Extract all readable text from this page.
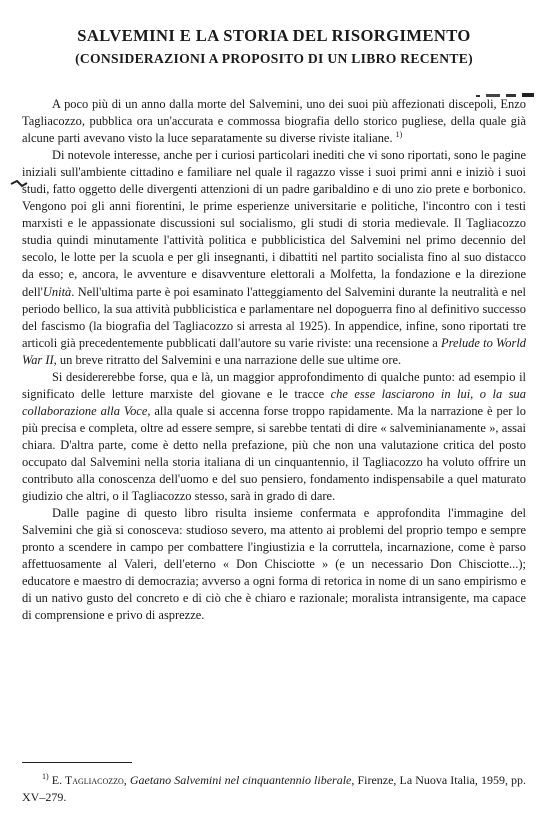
SALVEMINI E LA STORIA DEL RISORGIMENTO
(CONSIDERAZIONI A PROPOSITO DI UN LIBRO RECENTE)

A poco più di un anno dalla morte del Salvemini, uno dei suoi più affezionati discepoli, Enzo Tagliacozzo, pubblica ora un'accurata e commossa biografia dello storico pugliese, della quale già alcune parti avevano visto la luce separatamente su diverse riviste italiane. $^{1)}$

Di notevole interesse, anche per i curiosi particolari inediti che vi sono riportati, sono le pagine iniziali sull'ambiente cittadino e familiare nel quale il ragazzo visse i suoi primi anni e iniziò i suoi studi, fatto oggetto delle divergenti attenzioni di un padre garibaldino e di uno zio prete e borbonico. Vengono poi gli anni fiorentini, le prime esperienze universitarie e politiche, l'incontro con i testi marxisti e le appassionate discussioni sul socialismo, gli studi di storia medievale. Il Tagliacozzo studia quindi minutamente l'attività politica e pubblicistica del Salvemini nel primo decennio del secolo, le lotte per la scuola e per gli insegnanti, i dibattiti nel partito socialista fino al suo distacco da esso; e, ancora, le avventure e disavventure elettorali a Molfetta, la fondazione e la direzione dell'Unità. Nell'ultima parte è poi esaminato l'atteggiamento del Salvemini durante la neutralità e nel periodo bellico, la sua attività pubblicistica e parlamentare nel dopoguerra fino al definitivo successo del fascismo (la biografia del Tagliacozzo si arresta al 1925). In appendice, infine, sono riportati tre articoli già precedentemente pubblicati dall'autore su varie riviste: una recensione a Prelude to World War II, un breve ritratto del Salvemini e una narrazione delle sue ultime ore.

Si desidererebbe forse, qua e là, un maggior approfondimento di qualche punto: ad esempio il significato delle letture marxiste del giovane e le tracce che esse lasciarono in lui, o la sua collaborazione alla Voce, alla quale si accenna forse troppo rapidamente. Ma la narrazione è per lo più precisa e completa, oltre ad essere sempre, si sarebbe tentati di dire « salveminianamente », assai chiara. D'altra parte, come è detto nella prefazione, più che non una valutazione critica del posto occupato dal Salvemini nella storia italiana di un cinquantennio, il Tagliacozzo ha voluto offrire un contributo alla conoscenza dell'uomo e del suo pensiero, fondamento indispensabile a quel maturato giudizio che altri, o il Tagliacozzo stesso, sarà in grado di dare.

Dalle pagine di questo libro risulta insieme confermata e approfondita l'immagine del Salvemini che già si conosceva: studioso severo, ma attento ai problemi del proprio tempo e sempre pronto a scendere in campo per combattere l'ingiustizia e la corruttela, incarnazione, come è parso affettuosamente al Valeri, dell'eterno « Don Chisciotte » (e un necessario Don Chisciotte...); educatore e maestro di democrazia; avverso a ogni forma di retorica in nome di un sano empirismo e di un nativo gusto del concreto e di ciò che è chiaro e razionale; moralista intransigente, ma capace di comprensione e privo di asprezze.

$^{1)}$ E. Tagliacozzo, Gaetano Salvemini nel cinquantennio liberale, Firenze, La Nuova Italia, 1959, pp. XV–279.
